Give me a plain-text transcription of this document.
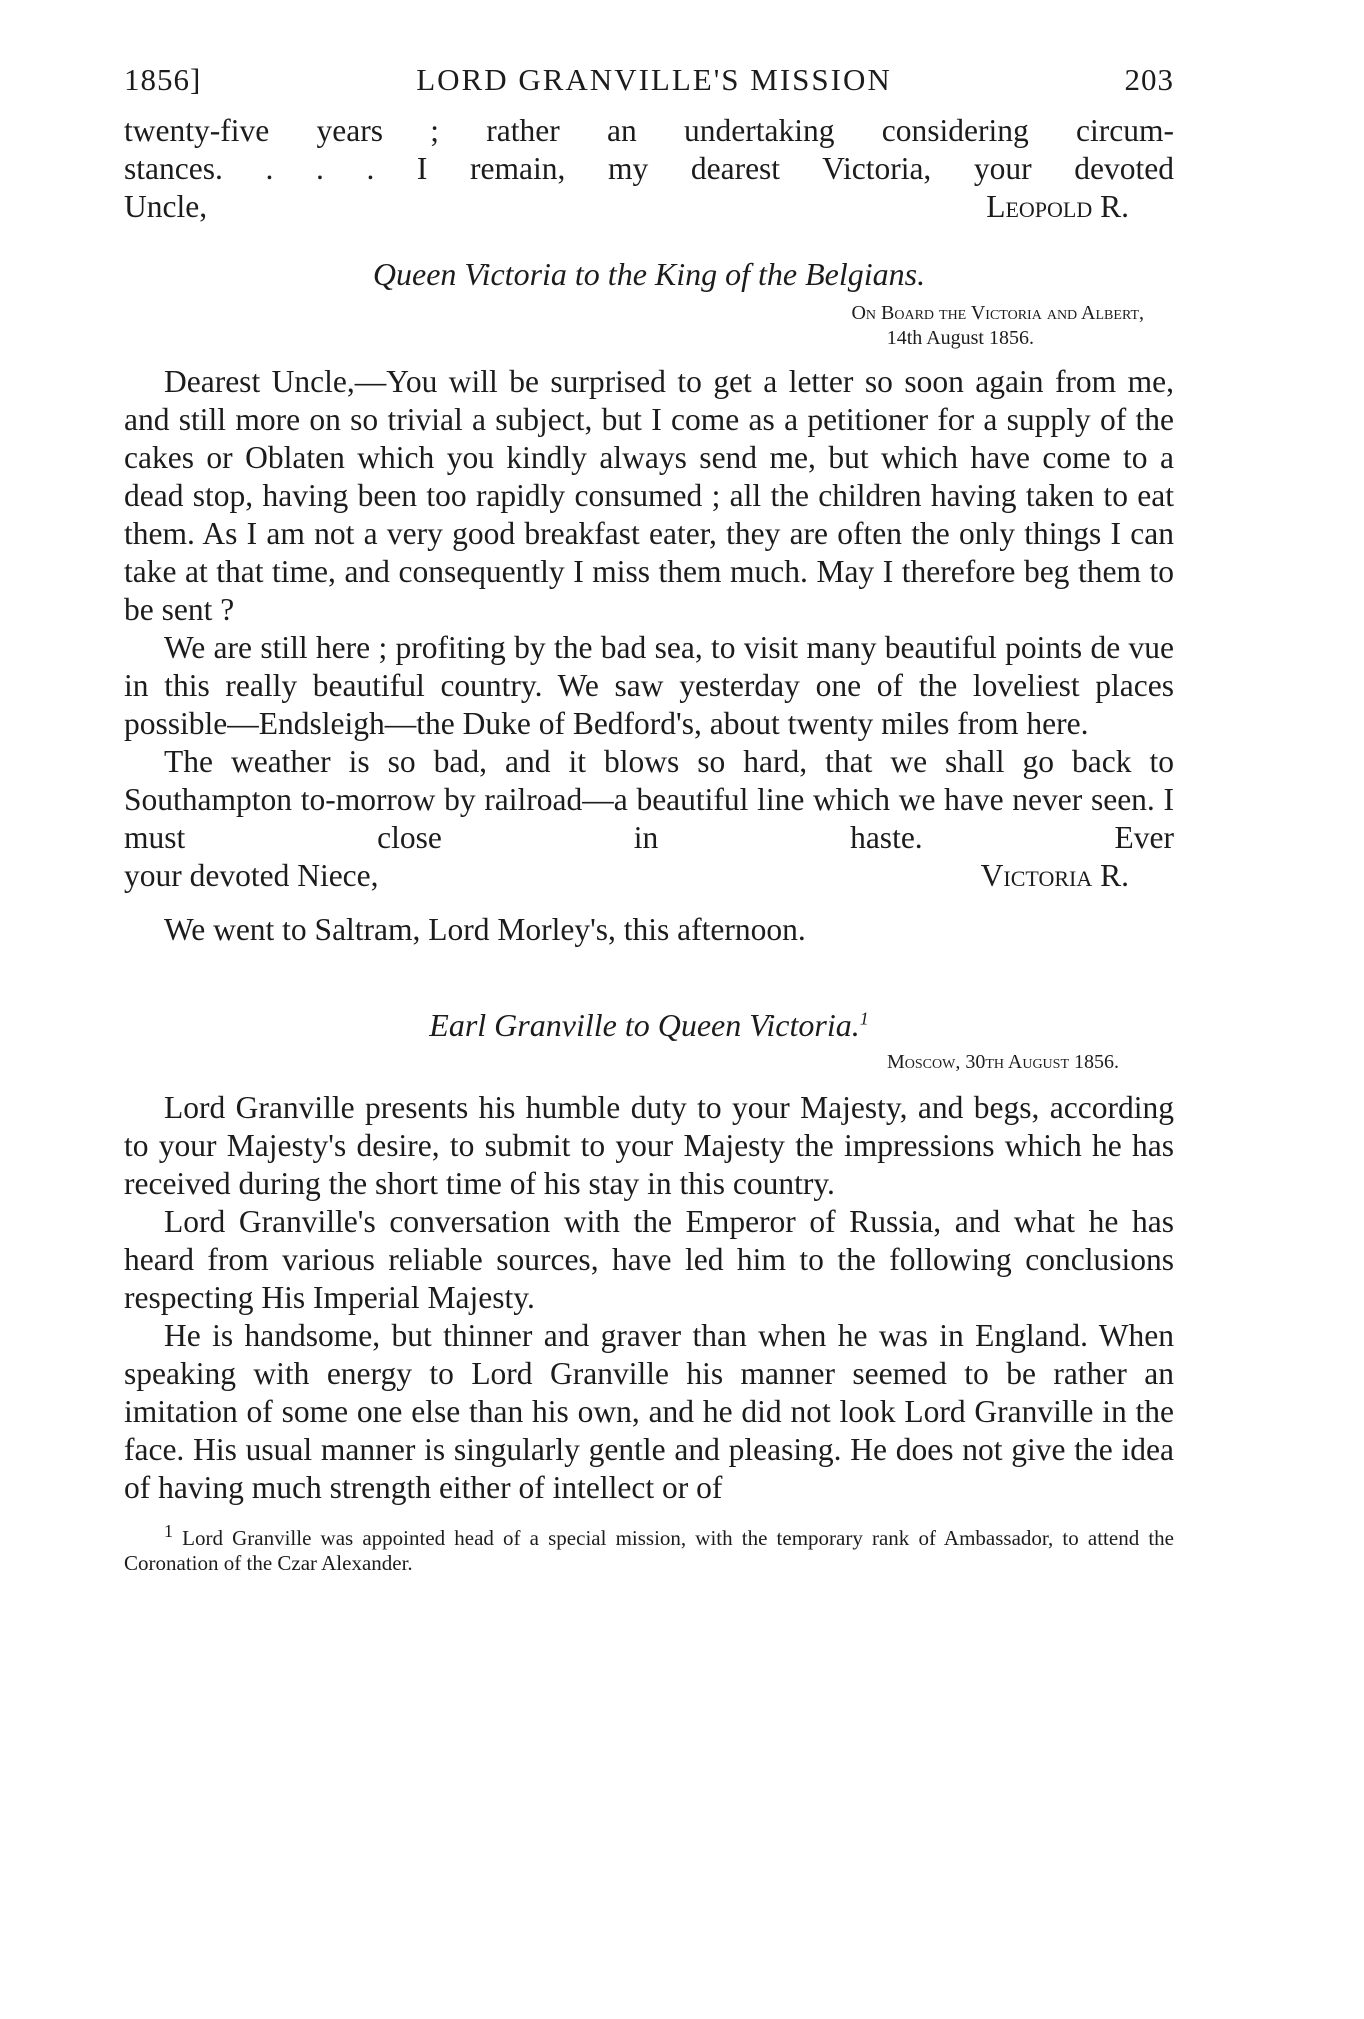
1856]	LORD GRANVILLE'S MISSION	203

twenty-five years ; rather an undertaking considering circum-

stances. . . . I remain, my dearest Victoria, your devoted

Uncle,	Leopold R.

Queen Victoria to the King of the Belgians.

On Board the Victoria and Albert,

14th August 1856.

Dearest Uncle,—You will be surprised to get a letter so soon again from me, and still more on so trivial a subject, but I come as a petitioner for a supply of the cakes or Oblaten which you kindly always send me, but which have come to a dead stop, having been too rapidly consumed ; all the children having taken to eat them. As I am not a very good breakfast eater, they are often the only things I can take at that time, and consequently I miss them much. May I therefore beg them to be sent ?

We are still here ; profiting by the bad sea, to visit many beautiful points de vue in this really beautiful country. We saw yesterday one of the loveliest places possible—Endsleigh—the Duke of Bedford's, about twenty miles from here.

The weather is so bad, and it blows so hard, that we shall go back to Southampton to-morrow by railroad—a beautiful line which we have never seen. I must close in haste. Ever

your devoted Niece,	Victoria R.

We went to Saltram, Lord Morley's, this afternoon.

Earl Granville to Queen Victoria.$^1$

Moscow, 30th August 1856.

Lord Granville presents his humble duty to your Majesty, and begs, according to your Majesty's desire, to submit to your Majesty the impressions which he has received during the short time of his stay in this country.

Lord Granville's conversation with the Emperor of Russia, and what he has heard from various reliable sources, have led him to the following conclusions respecting His Imperial Majesty.

He is handsome, but thinner and graver than when he was in England. When speaking with energy to Lord Granville his manner seemed to be rather an imitation of some one else than his own, and he did not look Lord Granville in the face. His usual manner is singularly gentle and pleasing. He does not give the idea of having much strength either of intellect or of

$^1$ Lord Granville was appointed head of a special mission, with the temporary rank of Ambassador, to attend the Coronation of the Czar Alexander.
